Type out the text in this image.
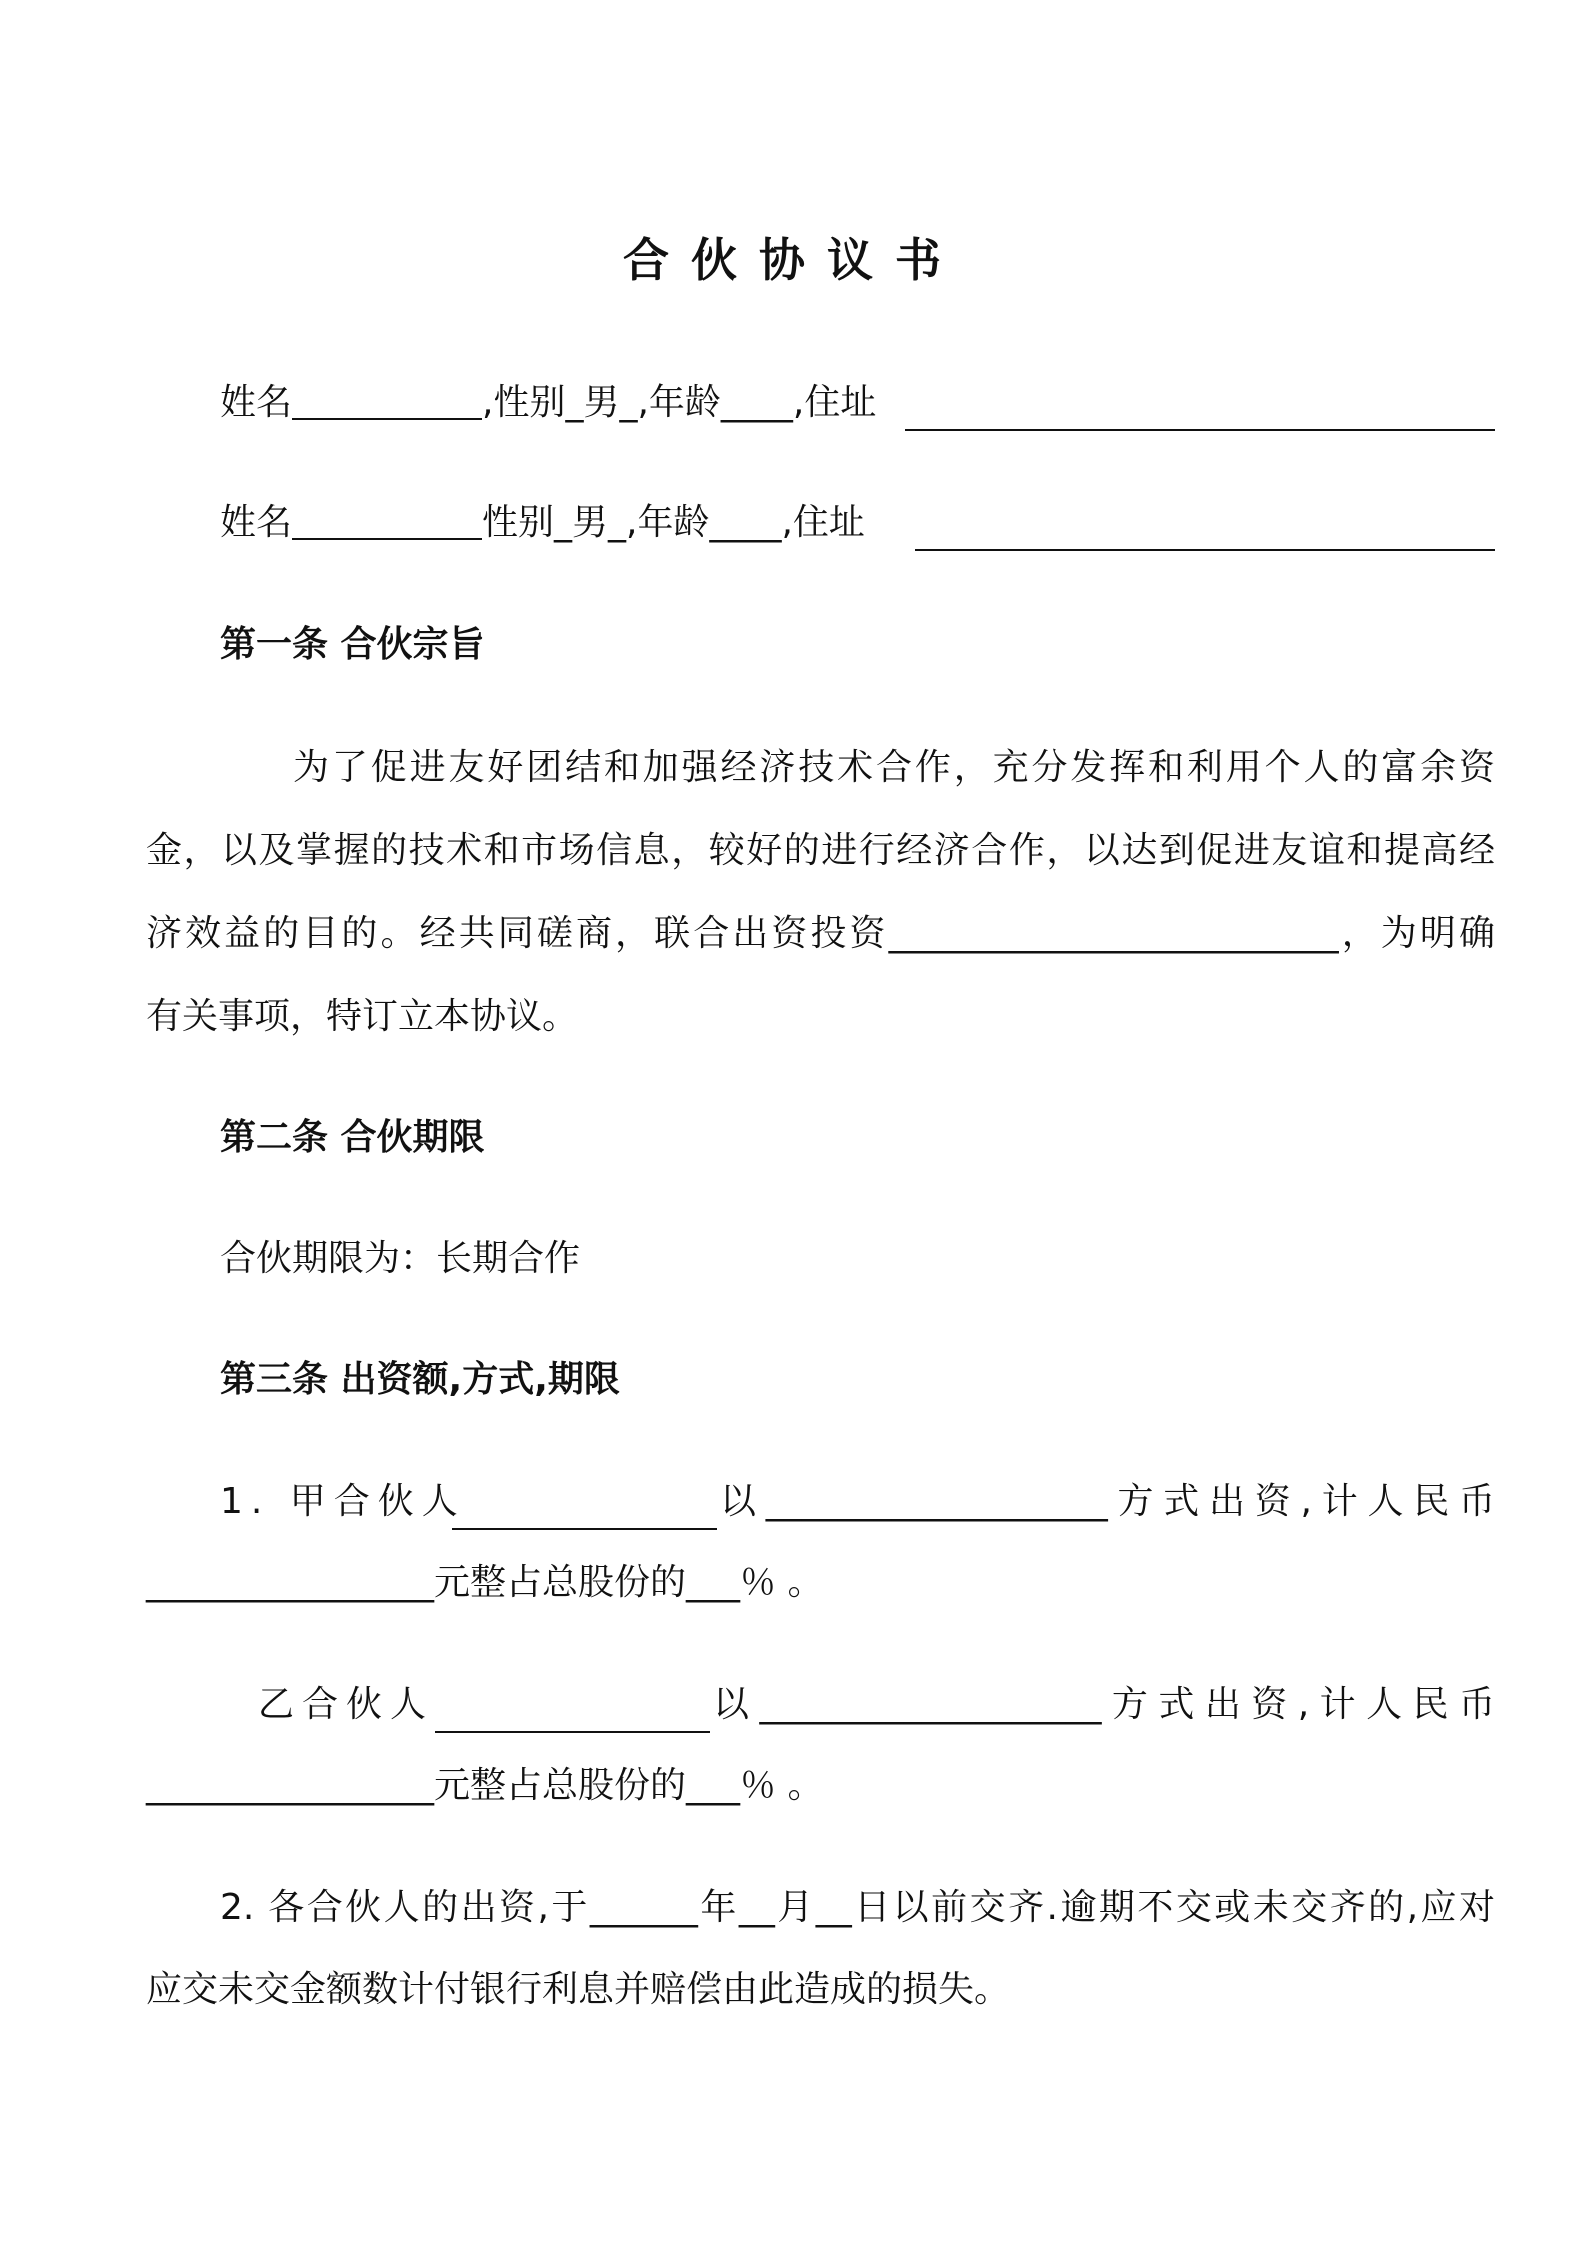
合伙协议书
姓名	,性别_男_,年龄____,住址
姓名	性别_男_,年龄____,住址
第一条 合伙宗旨
为了促进友好团结和加强经济技术合作，充分发挥和利用个人的富余资
金，以及掌握的技术和市场信息，较好的进行经济合作，以达到促进友谊和提高经
济效益的目的。经共同磋商，联合出资投资_________________________，为明确
有关事项，特订立本协议。
第二条 合伙期限
合伙期限为：长期合作
第三条 出资额,方式,期限
1. 甲合伙人	以___________________方式出资,计人民币
________________元整占总股份的___％ 。
乙合伙人	以___________________方式出资,计人民币
________________元整占总股份的___％ 。
2. 各合伙人的出资,于______年__月__日以前交齐.逾期不交或未交齐的,应对
应交未交金额数计付银行利息并赔偿由此造成的损失。
